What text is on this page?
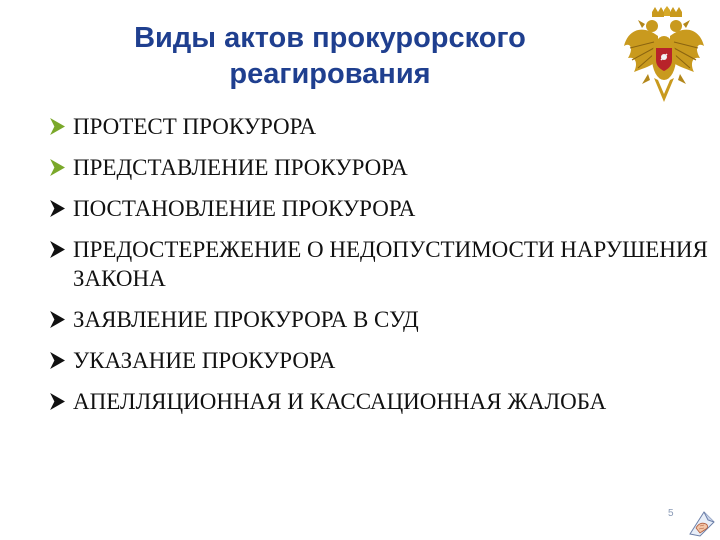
Виды актов прокурорского
реагирования
ПРОТЕСТ ПРОКУРОРА
ПРЕДСТАВЛЕНИЕ ПРОКУРОРА
ПОСТАНОВЛЕНИЕ ПРОКУРОРА
ПРЕДОСТЕРЕЖЕНИЕ О НЕДОПУСТИМОСТИ НАРУШЕНИЯ ЗАКОНА
ЗАЯВЛЕНИЕ ПРОКУРОРА В СУД
УКАЗАНИЕ ПРОКУРОРА
АПЕЛЛЯЦИОННАЯ И КАССАЦИОННАЯ ЖАЛОБА
5
